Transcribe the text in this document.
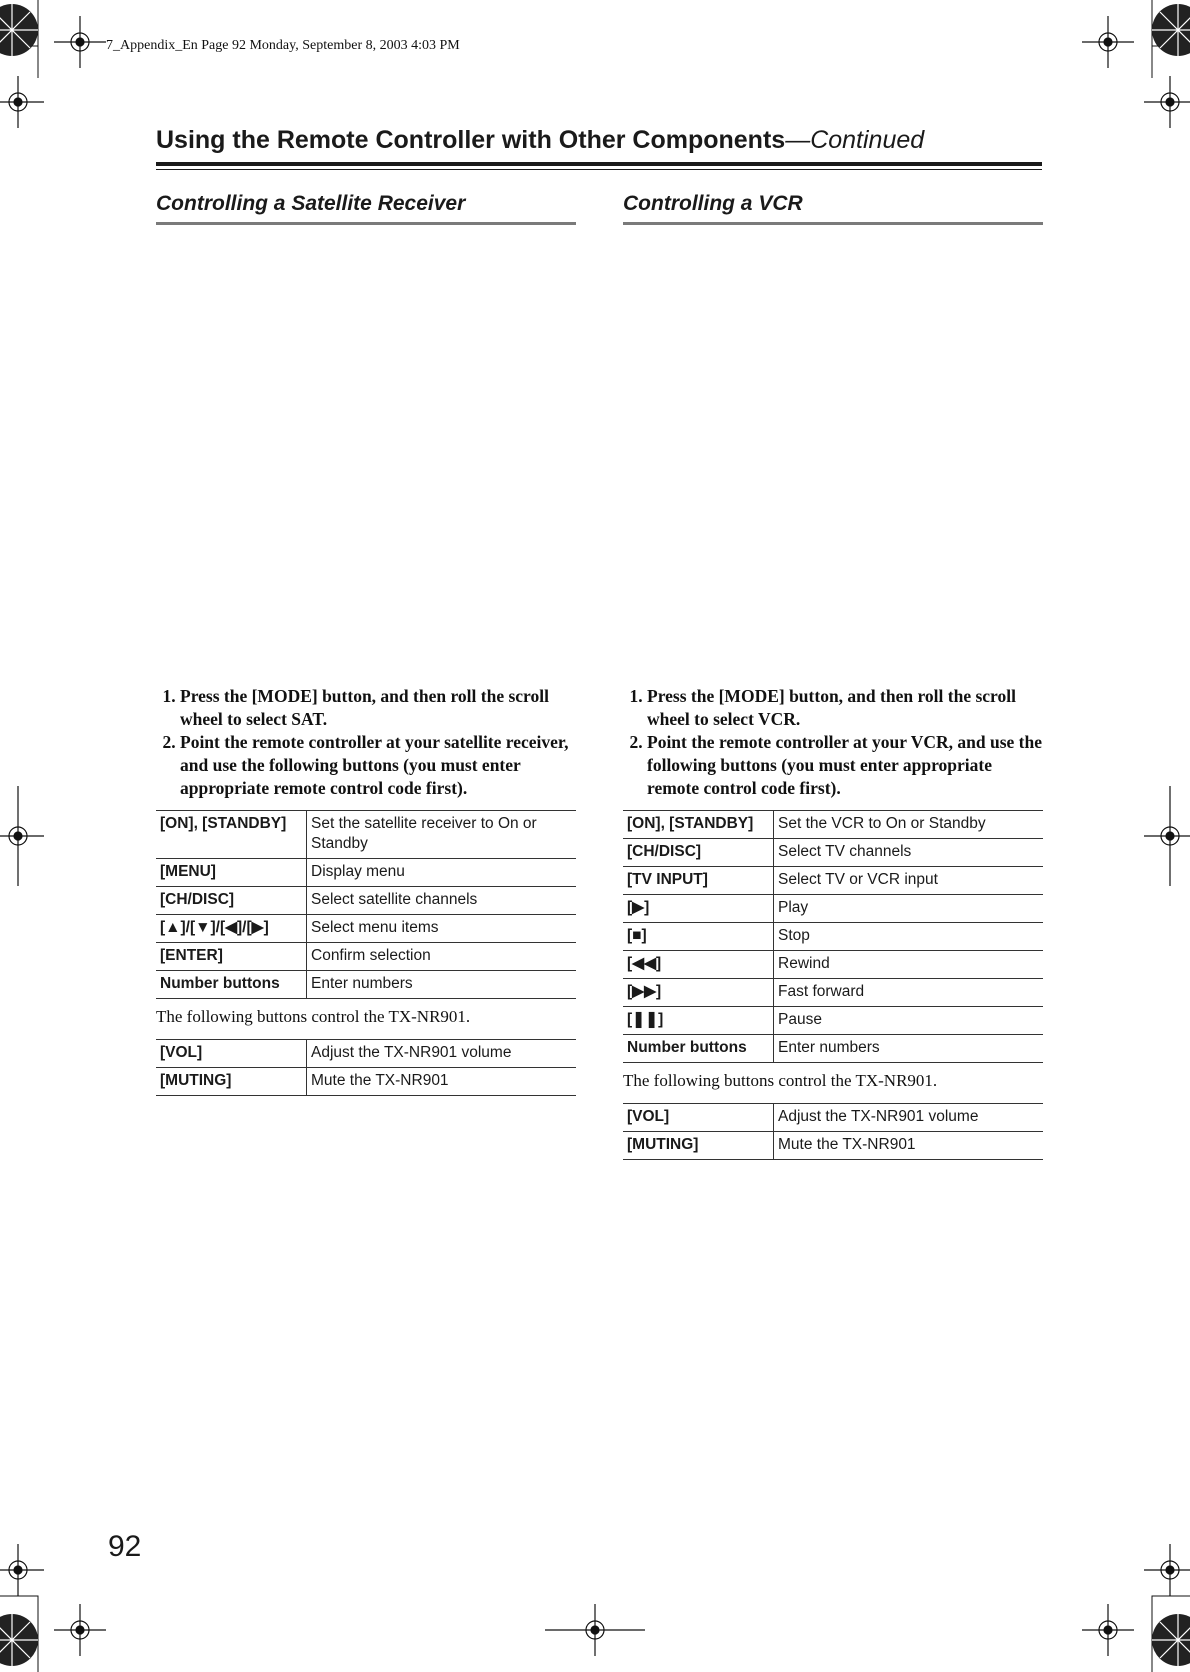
7_Appendix_En Page 92 Monday, September 8, 2003 4:03 PM
Using the Remote Controller with Other Components—Continued
Controlling a Satellite Receiver
1. Press the [MODE] button, and then roll the scroll wheel to select SAT.
2. Point the remote controller at your satellite receiver, and use the following buttons (you must enter appropriate remote control code first).
[ON], [STANDBY]	Set the satellite receiver to On or Standby
[MENU]	Display menu
[CH/DISC]	Select satellite channels
[▲]/[▼]/[◀]/[▶]	Select menu items
[ENTER]	Confirm selection
Number buttons	Enter numbers

The following buttons control the TX-NR901.

[VOL]	Adjust the TX-NR901 volume
[MUTING]	Mute the TX-NR901
Controlling a VCR
1. Press the [MODE] button, and then roll the scroll wheel to select VCR.
2. Point the remote controller at your VCR, and use the following buttons (you must enter appropriate remote control code first).
[ON], [STANDBY]	Set the VCR to On or Standby
[CH/DISC]	Select TV channels
[TV INPUT]	Select TV or VCR input
[▶]	Play
[■]	Stop
[◀◀]	Rewind
[▶▶]	Fast forward
[❚❚]	Pause
Number buttons	Enter numbers

The following buttons control the TX-NR901.

[VOL]	Adjust the TX-NR901 volume
[MUTING]	Mute the TX-NR901
92
